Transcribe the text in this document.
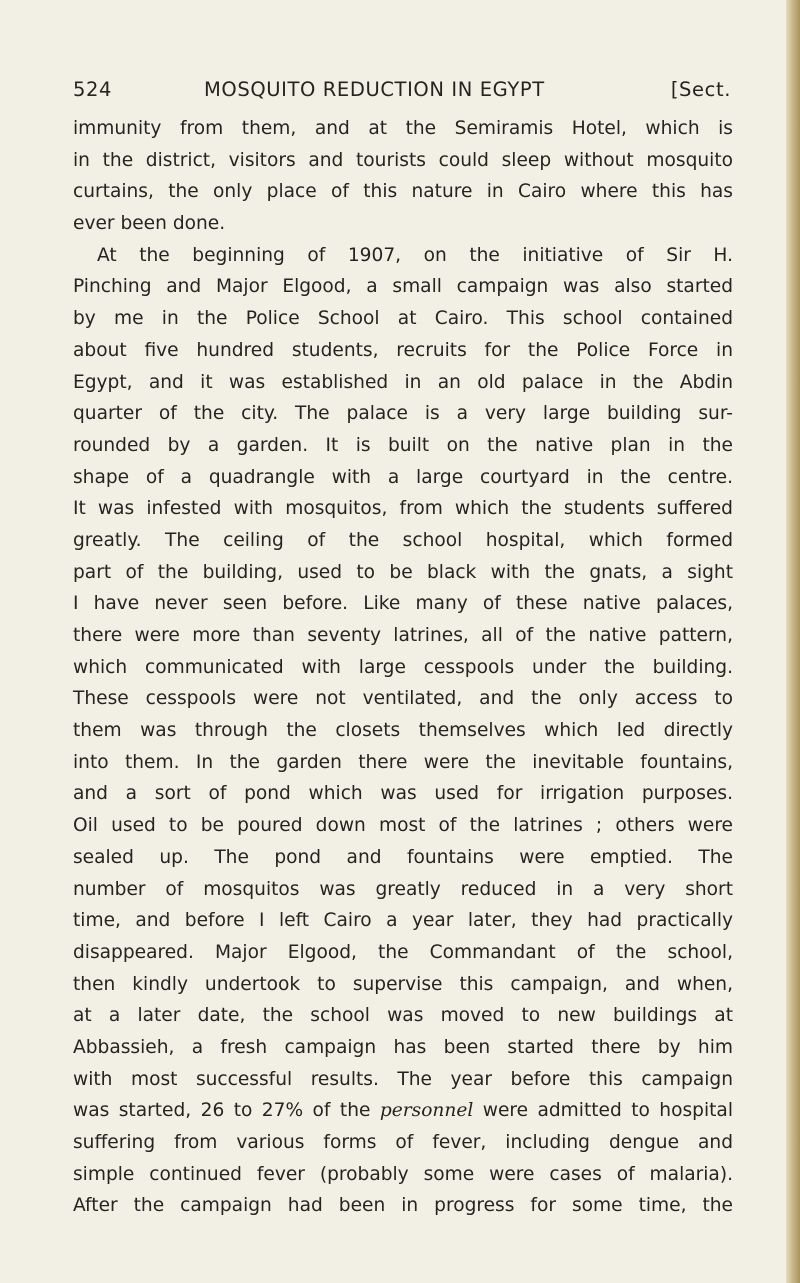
524	MOSQUITO REDUCTION IN EGYPT	[Sect.
immunity from them, and at the Semiramis Hotel, which is
in the district, visitors and tourists could sleep without mosquito
curtains, the only place of this nature in Cairo where this has
ever been done.
At the beginning of 1907, on the initiative of Sir H.
Pinching and Major Elgood, a small campaign was also started
by me in the Police School at Cairo. This school contained
about five hundred students, recruits for the Police Force in
Egypt, and it was established in an old palace in the Abdin
quarter of the city. The palace is a very large building sur-
rounded by a garden. It is built on the native plan in the
shape of a quadrangle with a large courtyard in the centre.
It was infested with mosquitos, from which the students suffered
greatly. The ceiling of the school hospital, which formed
part of the building, used to be black with the gnats, a sight
I have never seen before. Like many of these native palaces,
there were more than seventy latrines, all of the native pattern,
which communicated with large cesspools under the building.
These cesspools were not ventilated, and the only access to
them was through the closets themselves which led directly
into them. In the garden there were the inevitable fountains,
and a sort of pond which was used for irrigation purposes.
Oil used to be poured down most of the latrines ; others were
sealed up. The pond and fountains were emptied. The
number of mosquitos was greatly reduced in a very short
time, and before I left Cairo a year later, they had practically
disappeared. Major Elgood, the Commandant of the school,
then kindly undertook to supervise this campaign, and when,
at a later date, the school was moved to new buildings at
Abbassieh, a fresh campaign has been started there by him
with most successful results. The year before this campaign
was started, 26 to 27% of the personnel were admitted to hospital
suffering from various forms of fever, including dengue and
simple continued fever (probably some were cases of malaria).
After the campaign had been in progress for some time, the
